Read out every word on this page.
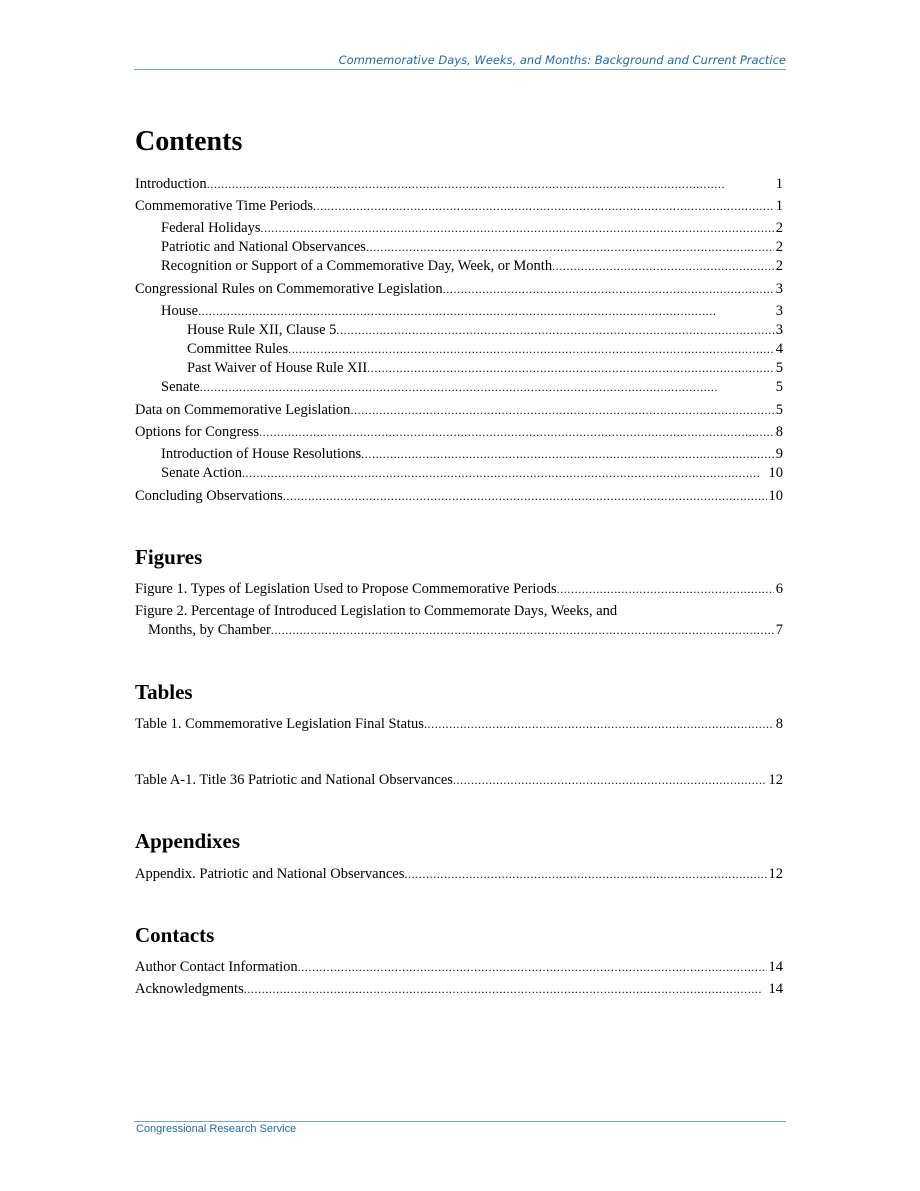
Commemorative Days, Weeks, and Months: Background and Current Practice
Contents
Introduction . . .	1
Commemorative Time Periods . . .	1
Federal Holidays . . .	2
Patriotic and National Observances . . .	2
Recognition or Support of a Commemorative Day, Week, or Month . . .	2
Congressional Rules on Commemorative Legislation . . .	3
House . . .	3
House Rule XII, Clause 5 . . .	3
Committee Rules . . .	4
Past Waiver of House Rule XII . . .	5
Senate . . .	5
Data on Commemorative Legislation . . .	5
Options for Congress . . .	8
Introduction of House Resolutions . . .	9
Senate Action . . .	10
Concluding Observations . . .	10
Figures
Figure 1. Types of Legislation Used to Propose Commemorative Periods . . .	6
Figure 2. Percentage of Introduced Legislation to Commemorate Days, Weeks, and
Months, by Chamber . . .	7
Tables
Table 1. Commemorative Legislation Final Status . . .	8
Table A-1. Title 36 Patriotic and National Observances . . .	12
Appendixes
Appendix. Patriotic and National Observances . . .	12
Contacts
Author Contact Information . . .	14
Acknowledgments . . .	14
Congressional Research Service
